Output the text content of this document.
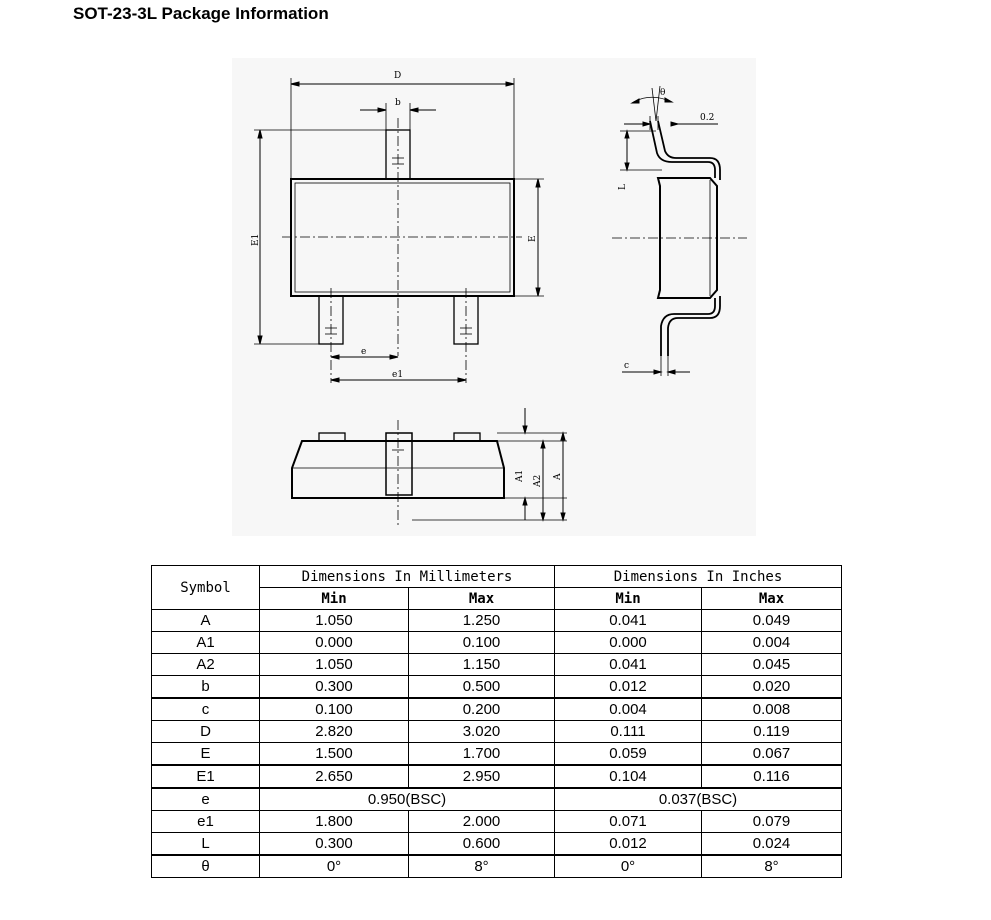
SOT-23-3L Package Information
D
b
E1	E
e
e1
θ
0.2
L
c
A1 A2 A
Symbol	Dimensions In Millimeters		Dimensions In Inches	
	Min	Max	Min	Max
A	1.050	1.250	0.041	0.049
A1	0.000	0.100	0.000	0.004
A2	1.050	1.150	0.041	0.045
b	0.300	0.500	0.012	0.020
c	0.100	0.200	0.004	0.008
D	2.820	3.020	0.111	0.119
E	1.500	1.700	0.059	0.067
E1	2.650	2.950	0.104	0.116
e	0.950(BSC)		0.037(BSC)	
e1	1.800	2.000	0.071	0.079
L	0.300	0.600	0.012	0.024
θ	0°	8°	0°	8°
